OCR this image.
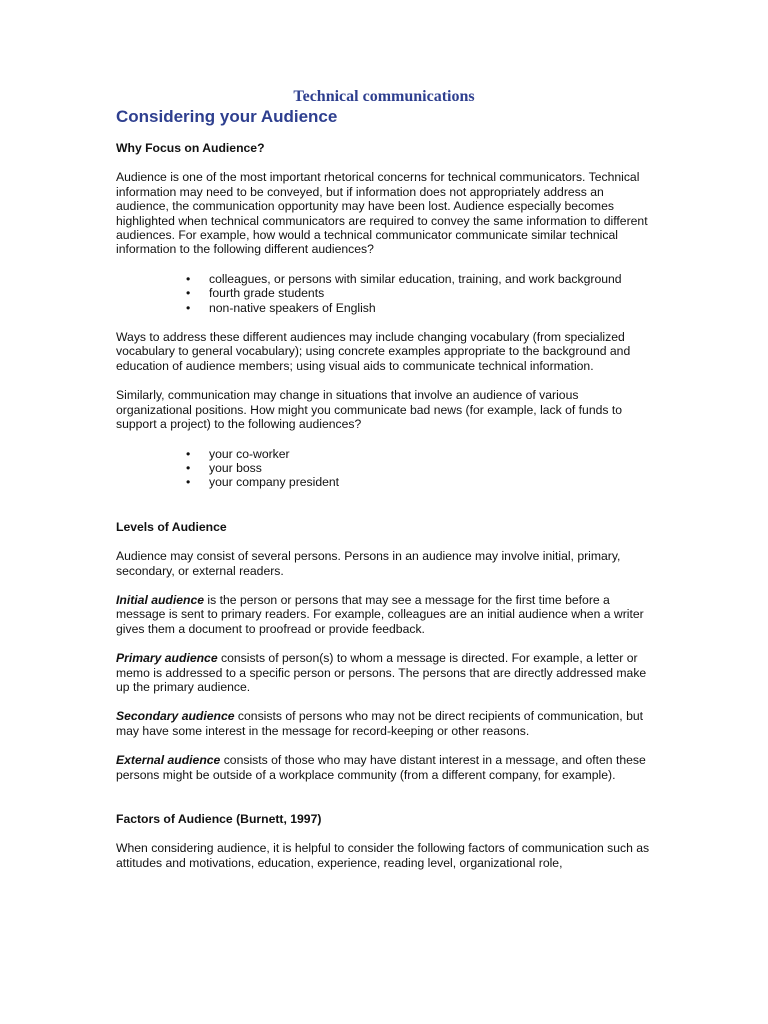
Technical communications
Considering your Audience

Why Focus on Audience?

Audience is one of the most important rhetorical concerns for technical communicators. Technical information may need to be conveyed, but if information does not appropriately address an audience, the communication opportunity may have been lost. Audience especially becomes highlighted when technical communicators are required to convey the same information to different audiences. For example, how would a technical communicator communicate similar technical information to the following different audiences?

• colleagues, or persons with similar education, training, and work background
• fourth grade students
• non-native speakers of English

Ways to address these different audiences may include changing vocabulary (from specialized vocabulary to general vocabulary); using concrete examples appropriate to the background and education of audience members; using visual aids to communicate technical information.

Similarly, communication may change in situations that involve an audience of various organizational positions. How might you communicate bad news (for example, lack of funds to support a project) to the following audiences?

• your co-worker
• your boss
• your company president

Levels of Audience

Audience may consist of several persons. Persons in an audience may involve initial, primary, secondary, or external readers.

Initial audience is the person or persons that may see a message for the first time before a message is sent to primary readers. For example, colleagues are an initial audience when a writer gives them a document to proofread or provide feedback.

Primary audience consists of person(s) to whom a message is directed. For example, a letter or memo is addressed to a specific person or persons. The persons that are directly addressed make up the primary audience.

Secondary audience consists of persons who may not be direct recipients of communication, but may have some interest in the message for record-keeping or other reasons.

External audience consists of those who may have distant interest in a message, and often these persons might be outside of a workplace community (from a different company, for example).

Factors of Audience (Burnett, 1997)

When considering audience, it is helpful to consider the following factors of communication such as attitudes and motivations, education, experience, reading level, organizational role,
